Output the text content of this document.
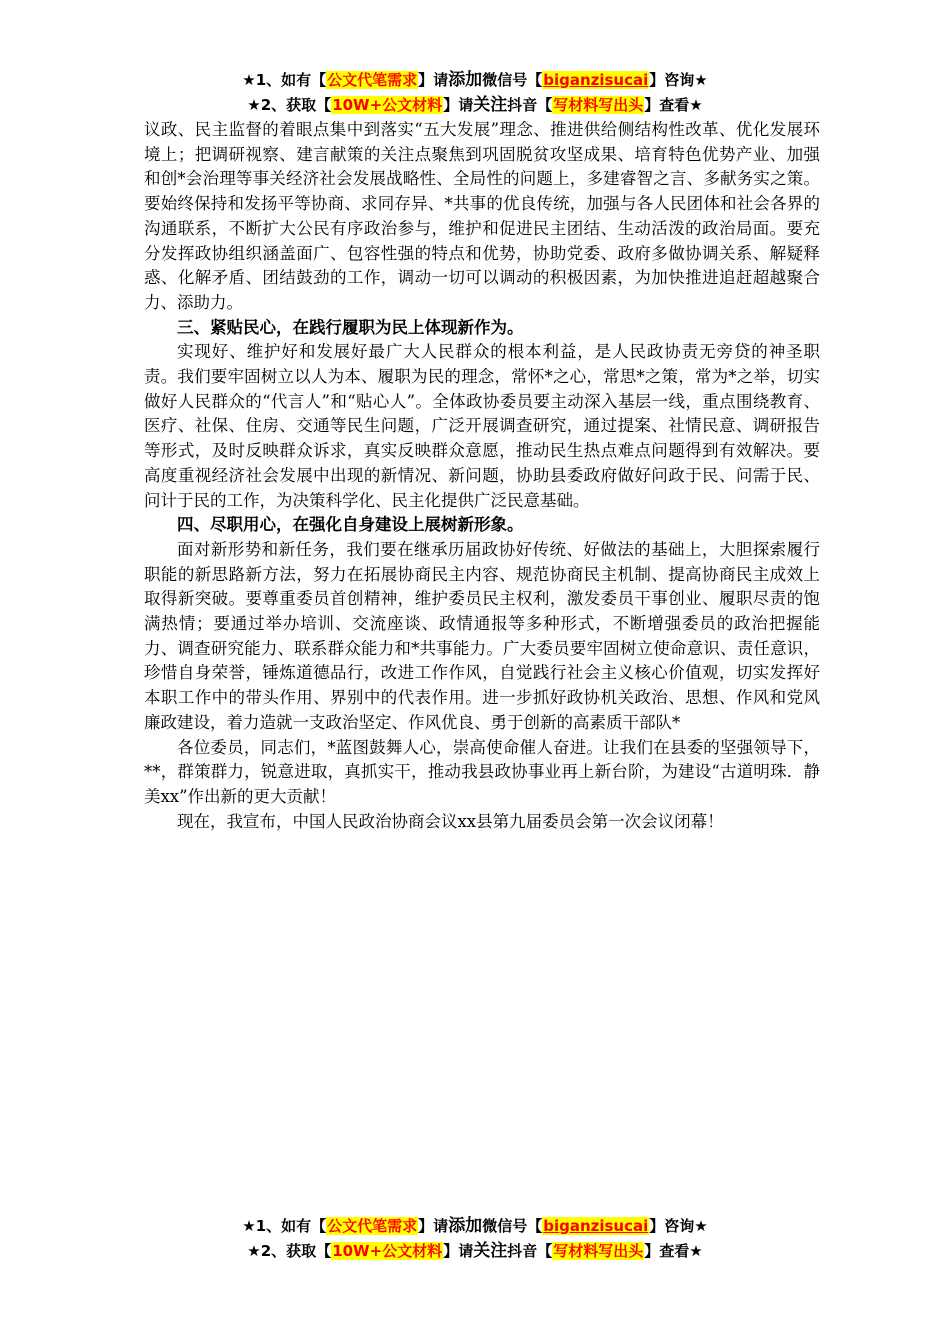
★1、如有【公文代笔需求】请添加微信号【biganzisucai】咨询★
★2、获取【10W+公文材料】请关注抖音【写材料写出头】查看★

议政、民主监督的着眼点集中到落实“五大发展”理念、推进供给侧结构性改革、优化发展环境上；把调研视察、建言献策的关注点聚焦到巩固脱贫攻坚成果、培育特色优势产业、加强和创*会治理等事关经济社会发展战略性、全局性的问题上，多建睿智之言、多献务实之策。要始终保持和发扬平等协商、求同存异、*共事的优良传统，加强与各人民团体和社会各界的沟通联系，不断扩大公民有序政治参与，维护和促进民主团结、生动活泼的政治局面。要充分发挥政协组织涵盖面广、包容性强的特点和优势，协助党委、政府多做协调关系、解疑释惑、化解矛盾、团结鼓劲的工作，调动一切可以调动的积极因素，为加快推进追赶超越聚合力、添助力。

三、紧贴民心，在践行履职为民上体现新作为。

实现好、维护好和发展好最广大人民群众的根本利益，是人民政协责无旁贷的神圣职责。我们要牢固树立以人为本、履职为民的理念，常怀*之心，常思*之策，常为*之举，切实做好人民群众的“代言人”和“贴心人”。全体政协委员要主动深入基层一线，重点围绕教育、医疗、社保、住房、交通等民生问题，广泛开展调查研究，通过提案、社情民意、调研报告等形式，及时反映群众诉求，真实反映群众意愿，推动民生热点难点问题得到有效解决。要高度重视经济社会发展中出现的新情况、新问题，协助县委政府做好问政于民、问需于民、问计于民的工作，为决策科学化、民主化提供广泛民意基础。

四、尽职用心，在强化自身建设上展树新形象。

面对新形势和新任务，我们要在继承历届政协好传统、好做法的基础上，大胆探索履行职能的新思路新方法，努力在拓展协商民主内容、规范协商民主机制、提高协商民主成效上取得新突破。要尊重委员首创精神，维护委员民主权利，激发委员干事创业、履职尽责的饱满热情；要通过举办培训、交流座谈、政情通报等多种形式，不断增强委员的政治把握能力、调查研究能力、联系群众能力和*共事能力。广大委员要牢固树立使命意识、责任意识，珍惜自身荣誉，锤炼道德品行，改进工作作风，自觉践行社会主义核心价值观，切实发挥好本职工作中的带头作用、界别中的代表作用。进一步抓好政协机关政治、思想、作风和党风廉政建设，着力造就一支政治坚定、作风优良、勇于创新的高素质干部队*

各位委员，同志们，*蓝图鼓舞人心，崇高使命催人奋进。让我们在县委的坚强领导下，**，群策群力，锐意进取，真抓实干，推动我县政协事业再上新台阶，为建设“古道明珠．静美xx”作出新的更大贡献！

现在，我宣布，中国人民政治协商会议xx县第九届委员会第一次会议闭幕！

★1、如有【公文代笔需求】请添加微信号【biganzisucai】咨询★
★2、获取【10W+公文材料】请关注抖音【写材料写出头】查看★
